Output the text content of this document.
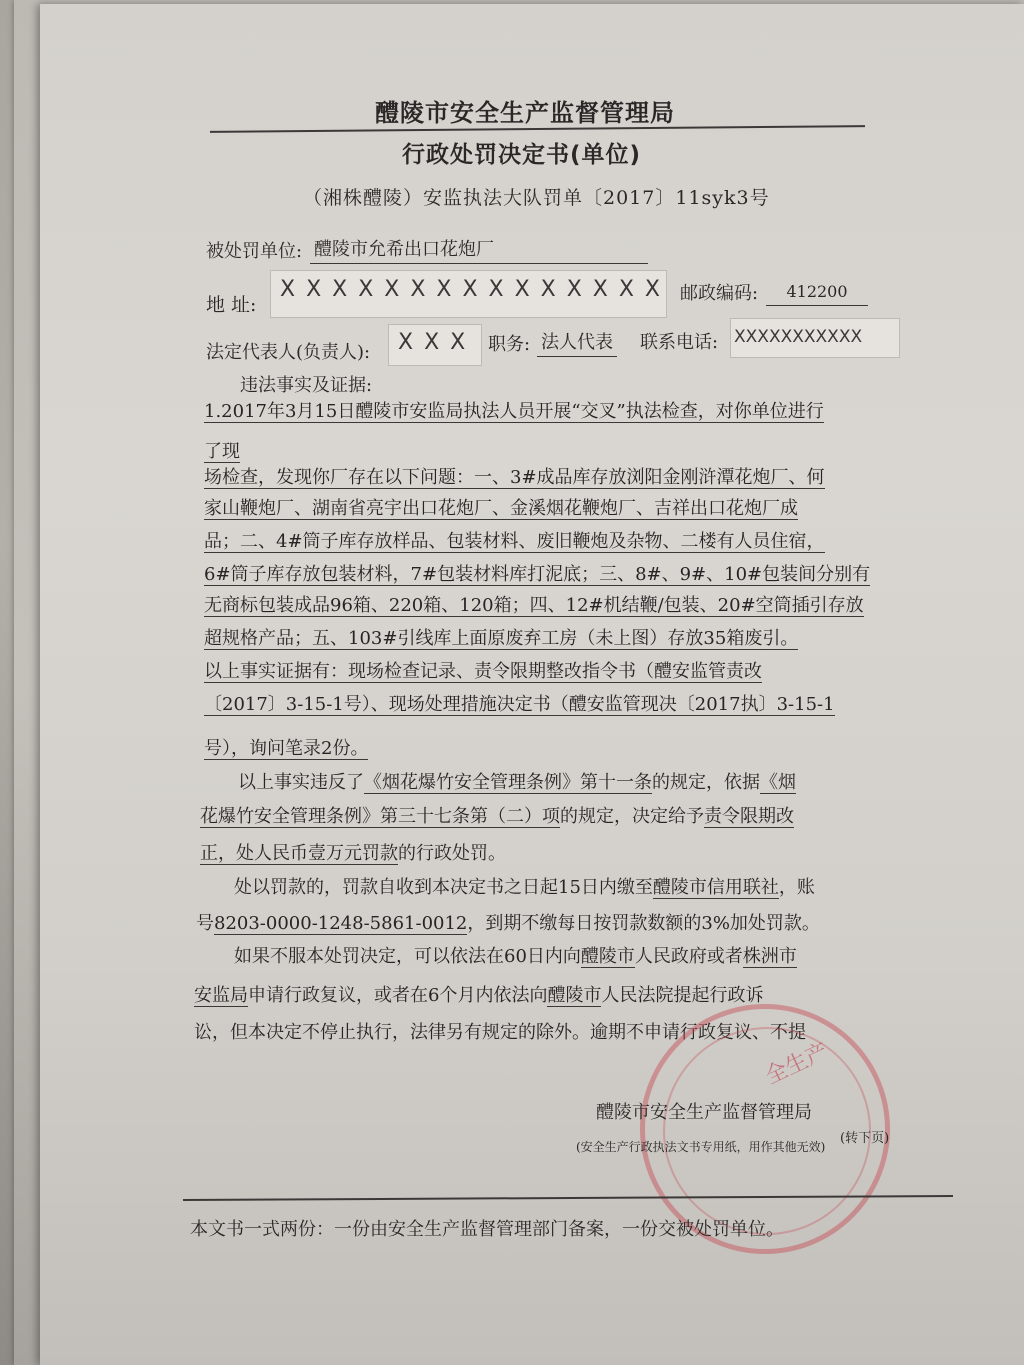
醴陵市安全生产监督管理局
行政处罚决定书(单位)
（湘株醴陵）安监执法大队罚单〔2017〕11syk3号
被处罚单位: 醴陵市允希出口花炮厂
地 址:
X X X X X X X X X X X X X X X 邮政编码:	412200
法定代表人(负责人): X X X 职务: 法人代表 联系电话: XXXXXXXXXXX
违法事实及证据:
1.2017年3月15日醴陵市安监局执法人员开展“交叉”执法检查，对你单位进行
了现
场检查，发现你厂存在以下问题：一、3#成品库存放浏阳金刚浒潭花炮厂、何
家山鞭炮厂、湖南省亮宇出口花炮厂、金溪烟花鞭炮厂、吉祥出口花炮厂成
品；二、4#筒子库存放样品、包装材料、废旧鞭炮及杂物、二楼有人员住宿，
6#筒子库存放包装材料，7#包装材料库打泥底；三、8#、9#、10#包装间分别有
无商标包装成品96箱、220箱、120箱；四、12#机结鞭/包装、20#空筒插引存放
超规格产品；五、103#引线库上面原废弃工房（未上图）存放35箱废引。
以上事实证据有：现场检查记录、责令限期整改指令书（醴安监管责改
〔2017〕3-15-1号）、现场处理措施决定书（醴安监管现决〔2017执〕3-15-1
号），询问笔录2份。
以上事实违反了《烟花爆竹安全管理条例》第十一条的规定，依据《烟
花爆竹安全管理条例》第三十七条第（二）项的规定，决定给予责令限期改
正，处人民币壹万元罚款的行政处罚。
处以罚款的，罚款自收到本决定书之日起15日内缴至醴陵市信用联社，账
号8203-0000-1248-5861-0012，到期不缴每日按罚款数额的3%加处罚款。
如果不服本处罚决定，可以依法在60日内向醴陵市人民政府或者株洲市
安监局申请行政复议，或者在6个月内依法向醴陵市人民法院提起行政诉
讼，但本决定不停止执行，法律另有规定的除外。逾期不申请行政复议、不提
全生产
醴陵市安全生产监督管理局
(安全生产行政执法文书专用纸，用作其他无效)
(转下页)
本文书一式两份：一份由安全生产监督管理部门备案，一份交被处罚单位。
